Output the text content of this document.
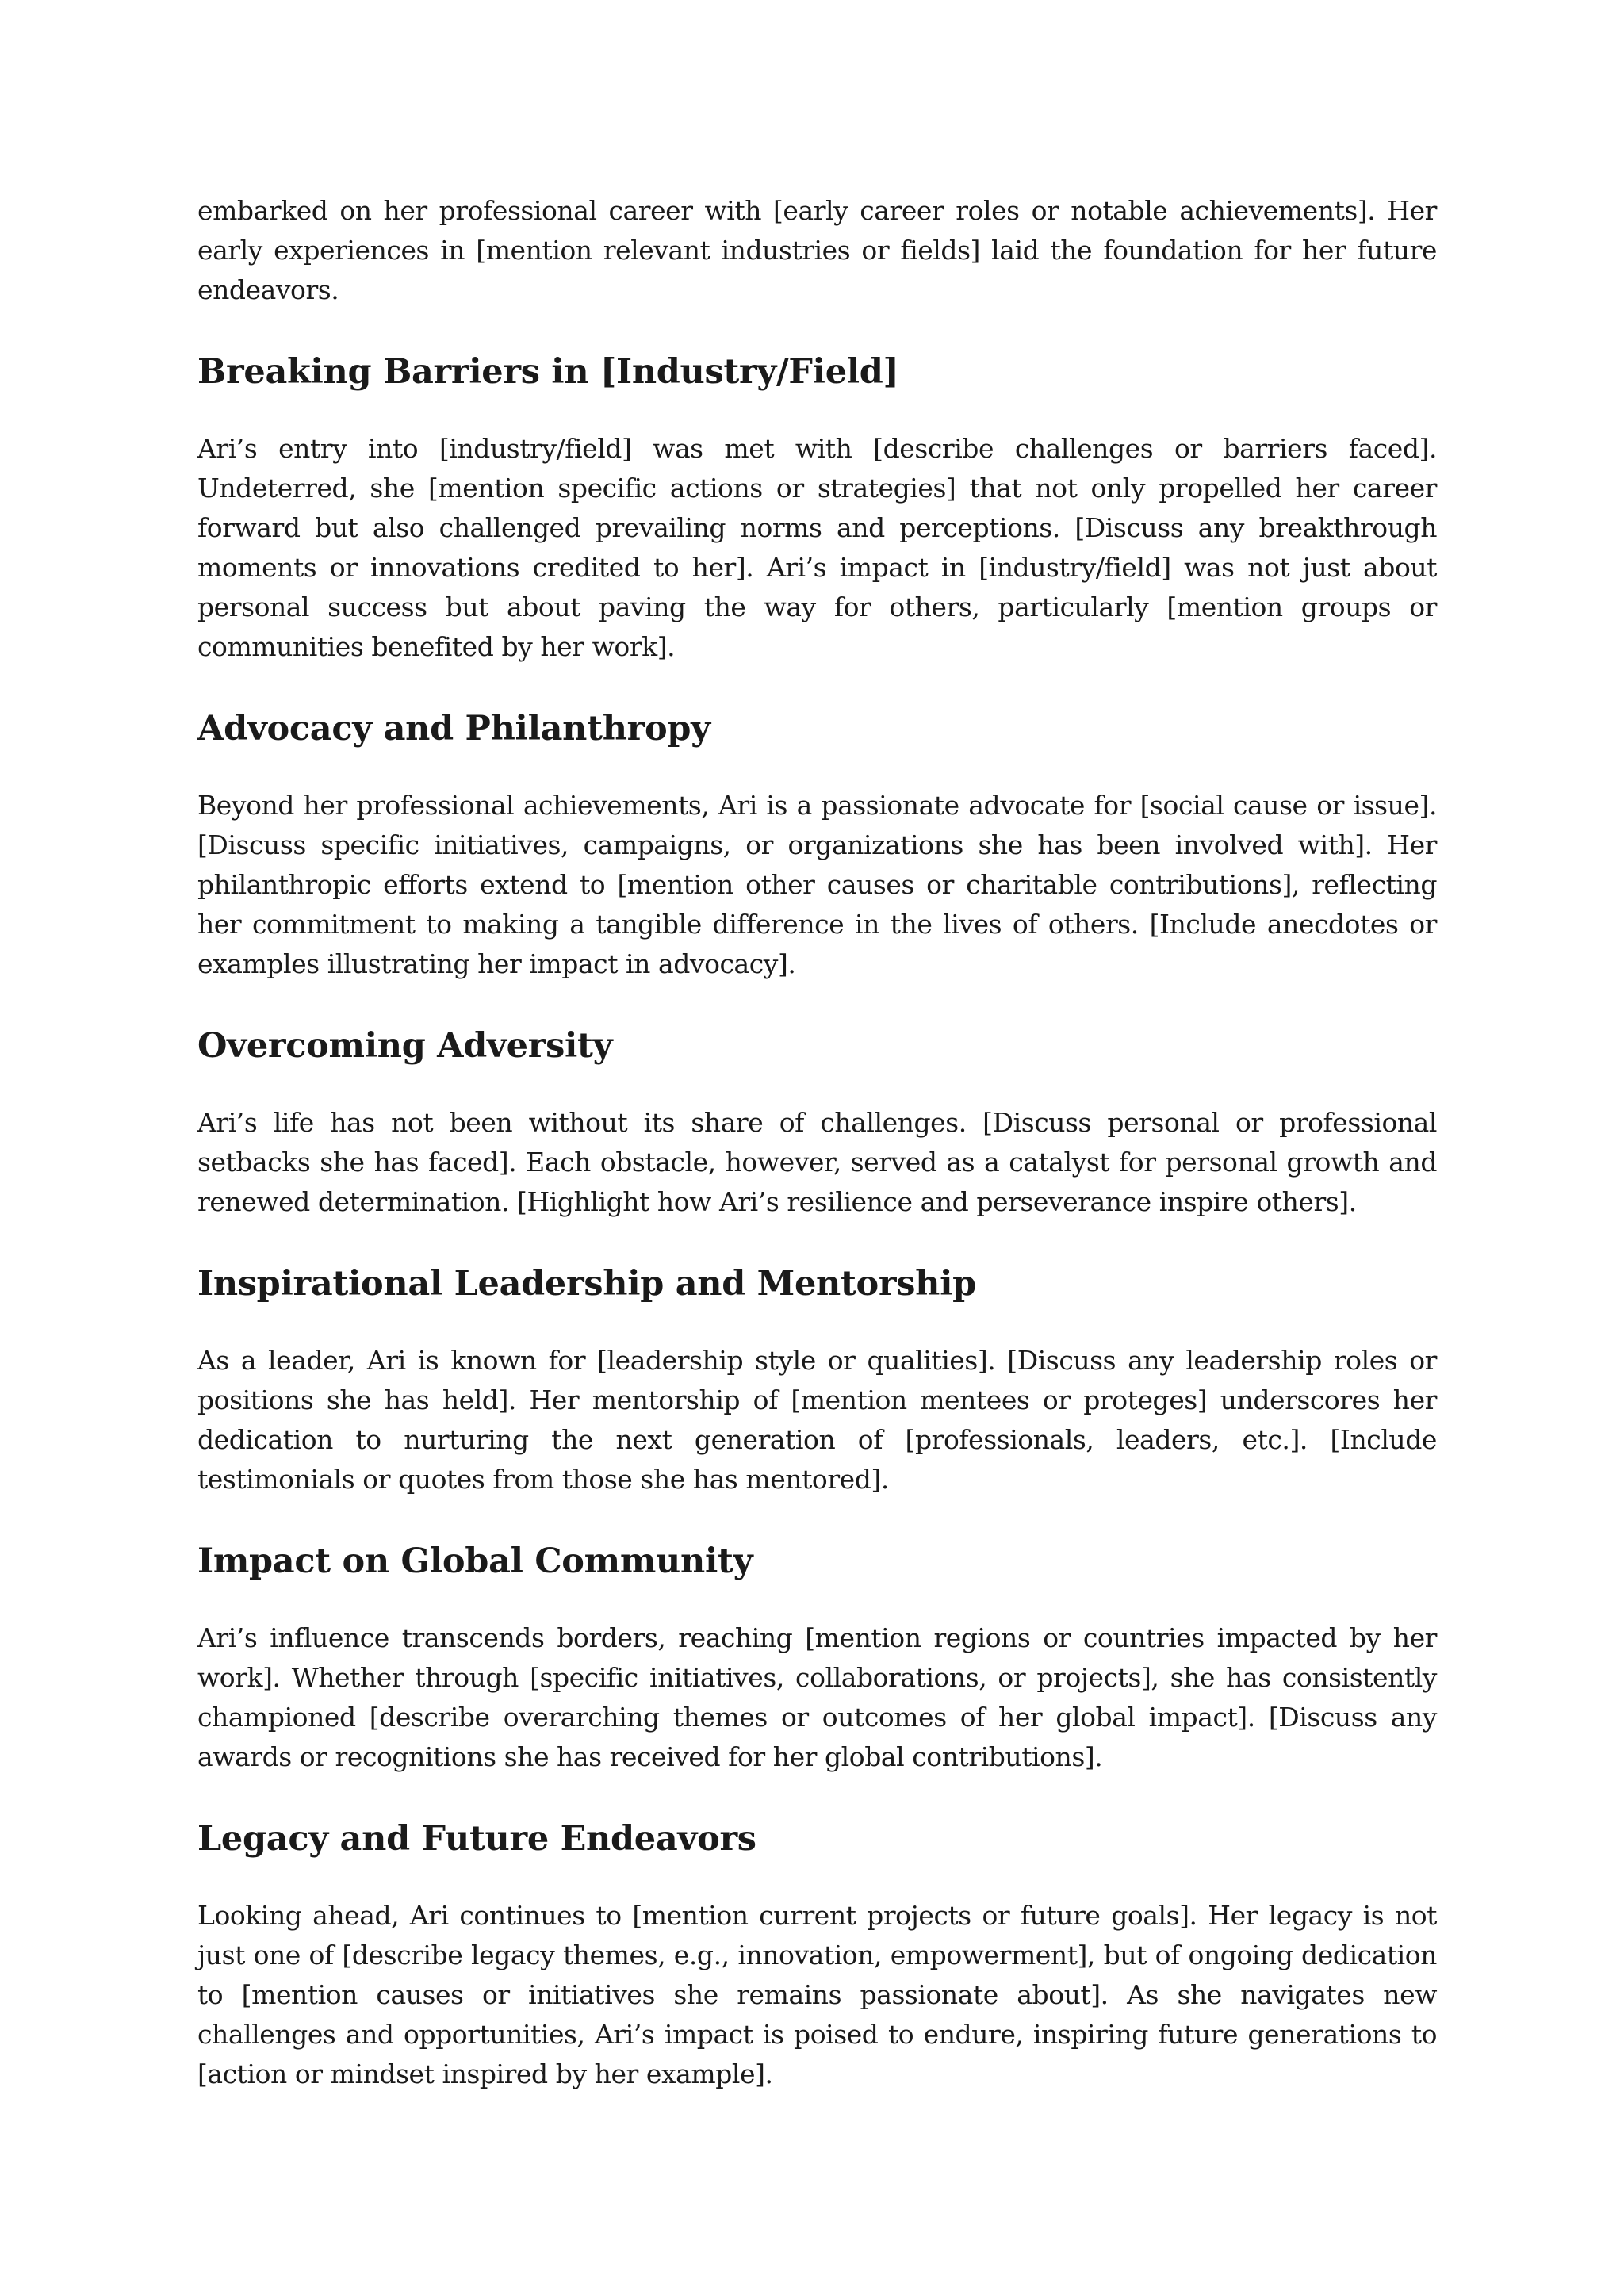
embarked on her professional career with [early career roles or notable achievements]. Her early experiences in [mention relevant industries or fields] laid the foundation for her future endeavors.

Breaking Barriers in [Industry/Field]

Ari’s entry into [industry/field] was met with [describe challenges or barriers faced]. Undeterred, she [mention specific actions or strategies] that not only propelled her career forward but also challenged prevailing norms and perceptions. [Discuss any breakthrough moments or innovations credited to her]. Ari’s impact in [industry/field] was not just about personal success but about paving the way for others, particularly [mention groups or communities benefited by her work].

Advocacy and Philanthropy

Beyond her professional achievements, Ari is a passionate advocate for [social cause or issue]. [Discuss specific initiatives, campaigns, or organizations she has been involved with]. Her philanthropic efforts extend to [mention other causes or charitable contributions], reflecting her commitment to making a tangible difference in the lives of others. [Include anecdotes or examples illustrating her impact in advocacy].

Overcoming Adversity

Ari’s life has not been without its share of challenges. [Discuss personal or professional setbacks she has faced]. Each obstacle, however, served as a catalyst for personal growth and renewed determination. [Highlight how Ari’s resilience and perseverance inspire others].

Inspirational Leadership and Mentorship

As a leader, Ari is known for [leadership style or qualities]. [Discuss any leadership roles or positions she has held]. Her mentorship of [mention mentees or proteges] underscores her dedication to nurturing the next generation of [professionals, leaders, etc.]. [Include testimonials or quotes from those she has mentored].

Impact on Global Community

Ari’s influence transcends borders, reaching [mention regions or countries impacted by her work]. Whether through [specific initiatives, collaborations, or projects], she has consistently championed [describe overarching themes or outcomes of her global impact]. [Discuss any awards or recognitions she has received for her global contributions].

Legacy and Future Endeavors

Looking ahead, Ari continues to [mention current projects or future goals]. Her legacy is not just one of [describe legacy themes, e.g., innovation, empowerment], but of ongoing dedication to [mention causes or initiatives she remains passionate about]. As she navigates new challenges and opportunities, Ari’s impact is poised to endure, inspiring future generations to [action or mindset inspired by her example].
